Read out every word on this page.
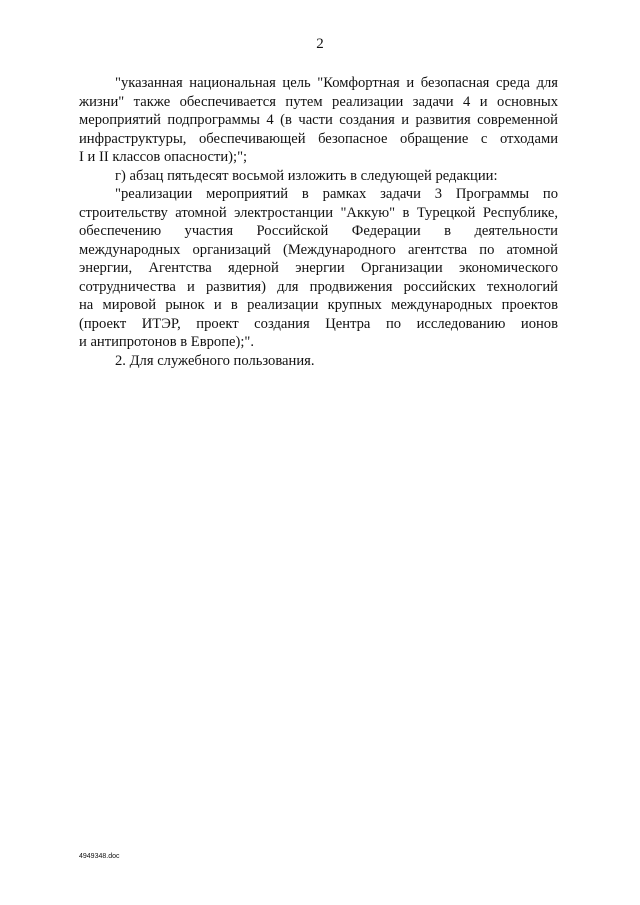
2
"указанная национальная цель "Комфортная и безопасная среда для
жизни" также обеспечивается путем реализации задачи 4 и основных
мероприятий подпрограммы 4 (в части создания и развития современной
инфраструктуры, обеспечивающей безопасное обращение с отходами
I и II классов опасности);";
г) абзац пятьдесят восьмой изложить в следующей редакции:
"реализации мероприятий в рамках задачи 3 Программы по
строительству атомной электростанции "Аккую" в Турецкой Республике,
обеспечению участия Российской Федерации в деятельности
международных организаций (Международного агентства по атомной
энергии, Агентства ядерной энергии Организации экономического
сотрудничества и развития) для продвижения российских технологий
на мировой рынок и в реализации крупных международных проектов
(проект ИТЭР, проект создания Центра по исследованию ионов
и антипротонов в Европе);".
2. Для служебного пользования.
4949348.doc
